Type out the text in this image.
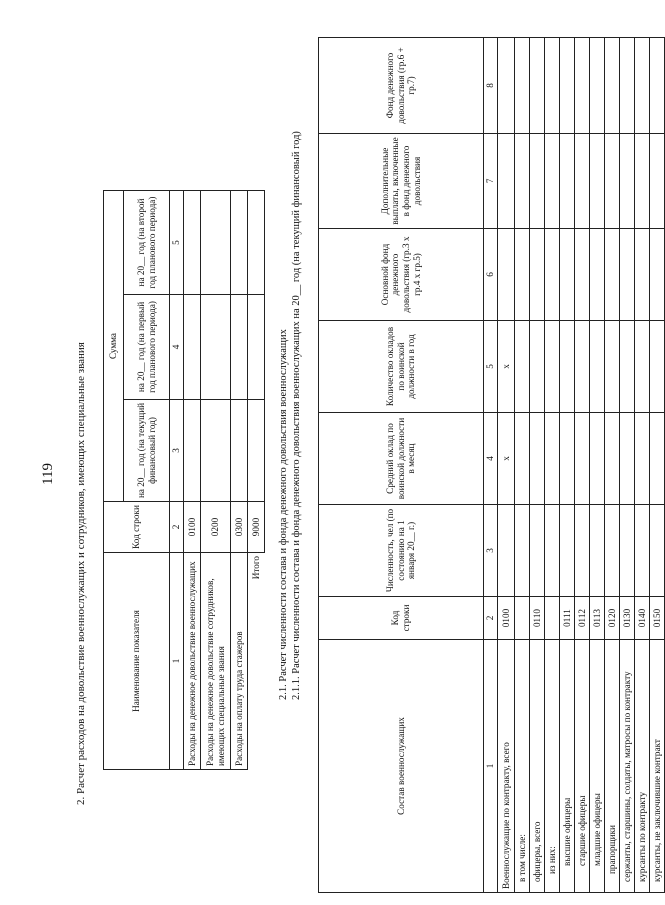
119 2. Расчет расходов на довольствие военнослужащих и сотрудников, имеющих специальные звания	Наименование показателя	Код строки	Сумма		
		на 20__ год (на текущий финансовый год)	на 20__ год (на первый год планового периода)	на 20__ год (на второй год планового периода)
1	2	3	4	5
Расходы на денежное довольствие военнослужащих	0100			
Расходы на денежное довольствие сотрудников, имеющих специальные звания	0200			
Расходы на оплату труда стажеров	0300			
Итого	9000			2.1. Расчет численности состава и фонда денежного довольствия военнослужащих 2.1.1. Расчет численности состава и фонда денежного довольствия военнослужащих на 20__ год (на текущий финансовый год)
Состав военнослужащих	Код строки	Численность, чел (по состоянию на 1 января 20__ г.)	Средний оклад по воинской должности в месяц	Количество окладов по воинской должности в год	Основной фонд денежного довольствия (гр.3 х гр.4 х гр.5)	Дополнительные выплаты, включенные в фонд денежного довольствия	Фонд денежного довольствия (гр.6 + гр.7)
1	2	3	4	5	6	7	8
Военнослужащие по контракту, всего	0100		x	x			
в том числе:							
офицеры, всего	0110						
из них:							
высшие офицеры	0111						
старшие офицеры	0112						
младшие офицеры	0113						
прапорщики	0120						
сержанты, старшины, солдаты, матросы по контракту	0130						
курсанты по контракту	0140						
курсанты, не заключившие контракт	0150						
